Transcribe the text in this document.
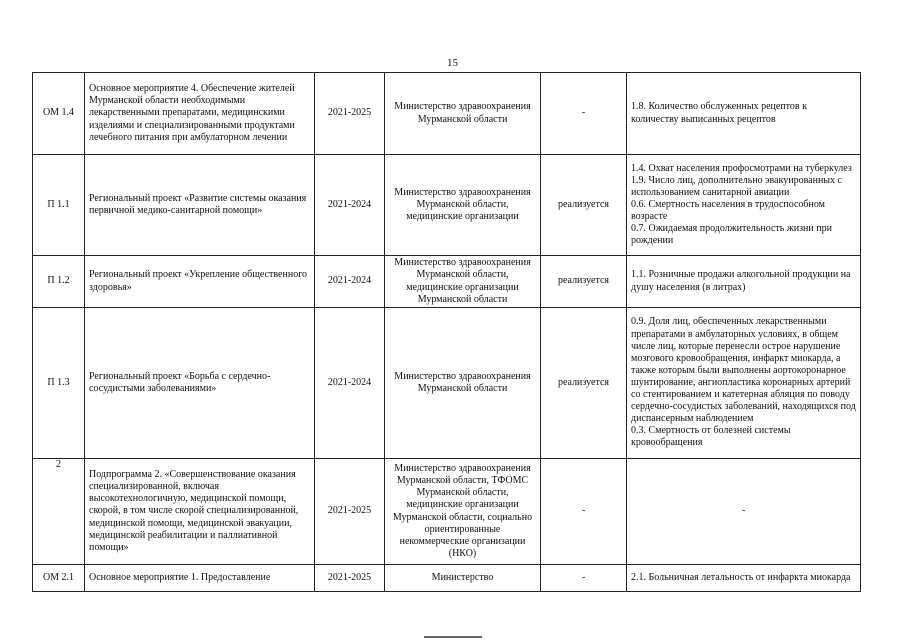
15
ОМ 1.4	Основное мероприятие 4. Обеспечение жителей Мурманской области необходимыми лекарственными препаратами, медицинскими изделиями и специализированными продуктами лечебного питания при амбулаторном лечении	2021-2025	Министерство здравоохранения Мурманской области	-	1.8. Количество обслуженных рецептов к количеству выписанных рецептов

П 1.1	Региональный проект «Развитие системы оказания первичной медико-санитарной помощи»	2021-2024	Министерство здравоохранения Мурманской области, медицинские организации	реализуется	1.4. Охват населения профосмотрами на туберкулез
1.9. Число лиц, дополнительно эвакуированных с использованием санитарной авиации
0.6. Смертность населения в трудоспособном возрасте
0.7. Ожидаемая продолжительность жизни при рождении

П 1.2	Региональный проект «Укрепление общественного здоровья»	2021-2024	Министерство здравоохранения Мурманской области, медицинские организации Мурманской области	реализуется	1.1. Розничные продажи алкогольной продукции на душу населения (в литрах)

П 1.3	Региональный проект «Борьба с сердечно-сосудистыми заболеваниями»	2021-2024	Министерство здравоохранения Мурманской области	реализуется	0.9. Доля лиц, обеспеченных лекарственными препаратами в амбулаторных условиях, в общем числе лиц, которые перенесли острое нарушение мозгового кровообращения, инфаркт миокарда, а также которым были выполнены аортокоронарное шунтирование, ангиопластика коронарных артерий со стентированием и катетерная абляция по поводу сердечно-сосудистых заболеваний, находящихся под диспансерным наблюдением
0.3. Смертность от болезней системы кровообращения

2	Подпрограмма 2. «Совершенствование оказания специализированной, включая высокотехнологичную, медицинской помощи, скорой, в том числе скорой специализированной, медицинской помощи, медицинской эвакуации, медицинской реабилитации и паллиативной помощи»	2021-2025	Министерство здравоохранения Мурманской области, ТФОМС Мурманской области, медицинские организации Мурманской области, социально ориентированные некоммерческие организации (НКО)	-	-

ОМ 2.1	Основное мероприятие 1. Предоставление	2021-2025	Министерство	-	2.1. Больничная летальность от инфаркта миокарда
